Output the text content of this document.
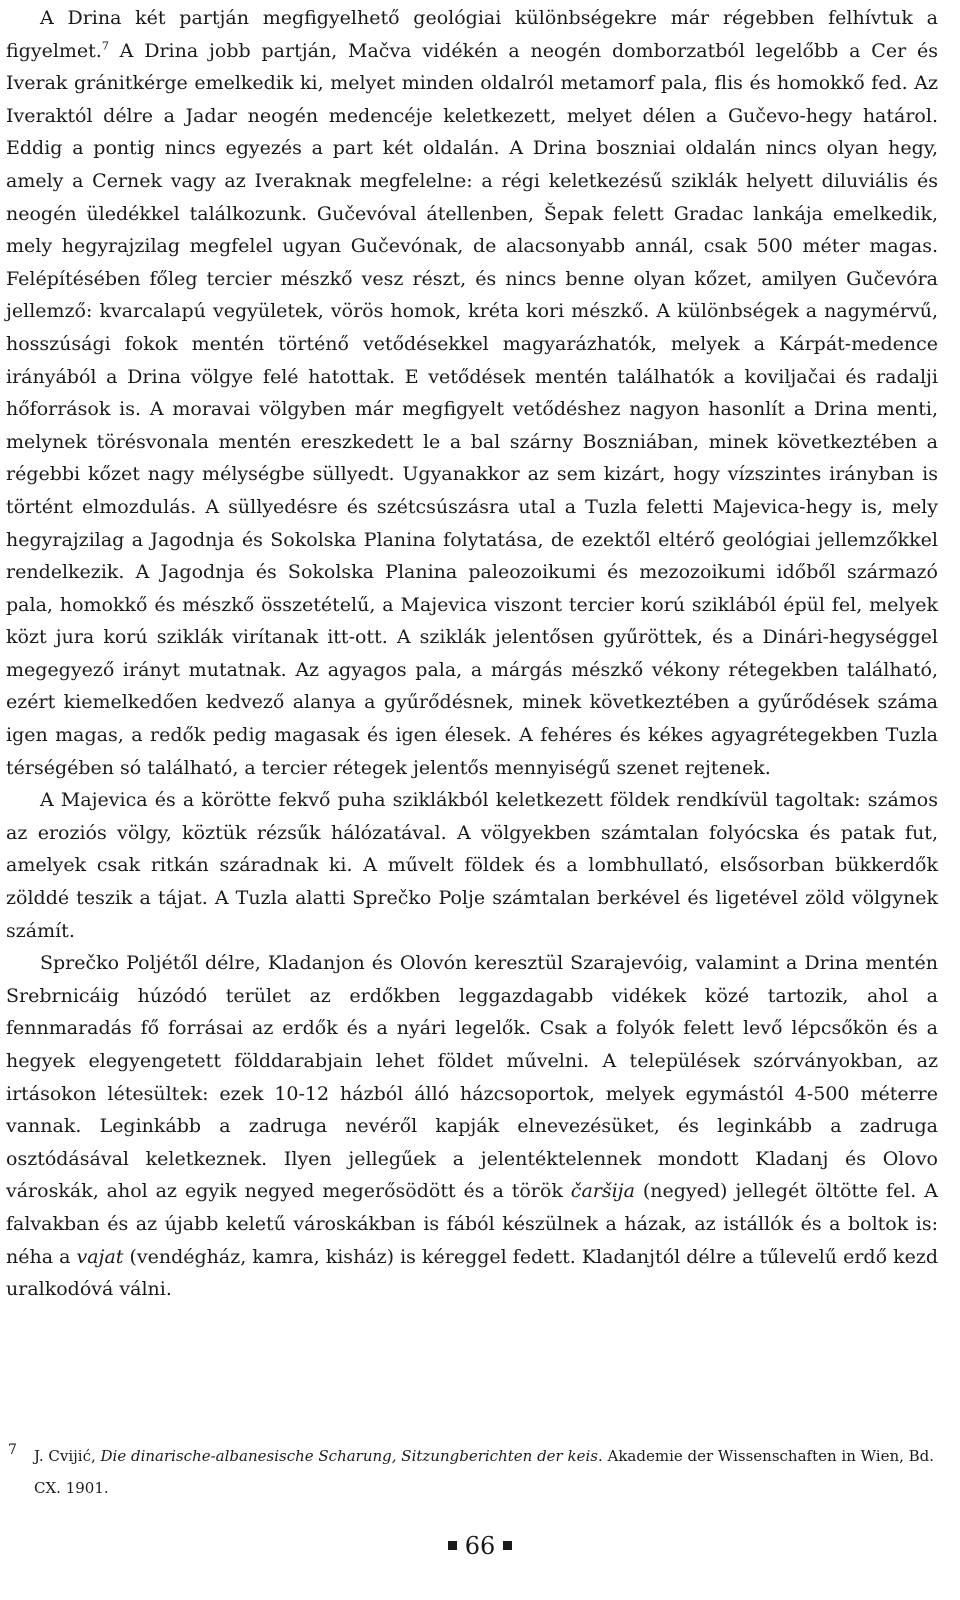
A Drina két partján megfigyelhető geológiai különbségekre már régebben felhívtuk a figyelmet.$^7$ A Drina jobb partján, Mačva vidékén a neogén domborzatból legelőbb a Cer és Iverak gránitkérge emelkedik ki, melyet minden oldalról metamorf pala, flis és homokkő fed. Az Iveraktól délre a Jadar neogén medencéje keletkezett, melyet délen a Gučevo-hegy határol. Eddig a pontig nincs egyezés a part két oldalán. A Drina boszniai oldalán nincs olyan hegy, amely a Cernek vagy az Iveraknak megfelelne: a régi keletkezésű sziklák helyett diluviális és neogén üledékkel találkozunk. Gučevóval átellenben, Šepak felett Gradac lankája emelkedik, mely hegyrajzilag megfelel ugyan Gučevónak, de alacsonyabb annál, csak 500 méter magas. Felépítésében főleg tercier mészkő vesz részt, és nincs benne olyan kőzet, amilyen Gučevóra jellemző: kvarcalapú vegyületek, vörös homok, kréta kori mészkő. A különbségek a nagymérvű, hosszúsági fokok mentén történő vetődésekkel magyarázhatók, melyek a Kárpát-medence irányából a Drina völgye felé hatottak. E vetődések mentén találhatók a koviljačai és radalji hőforrások is. A moravai völgyben már megfigyelt vetődéshez nagyon hasonlít a Drina menti, melynek törésvonala mentén ereszkedett le a bal szárny Boszniában, minek következtében a régebbi kőzet nagy mélységbe süllyedt. Ugyanakkor az sem kizárt, hogy vízszintes irányban is történt elmozdulás. A süllyedésre és szétcsúszásra utal a Tuzla feletti Majevica-hegy is, mely hegyrajzilag a Jagodnja és Sokolska Planina folytatása, de ezektől eltérő geológiai jellemzőkkel rendelkezik. A Jagodnja és Sokolska Planina paleozoikumi és mezozoikumi időből származó pala, homokkő és mészkő összetételű, a Majevica viszont tercier korú sziklából épül fel, melyek közt jura korú sziklák virítanak itt-ott. A sziklák jelentősen gyűröttek, és a Dinári-hegységgel megegyező irányt mutatnak. Az agyagos pala, a márgás mészkő vékony rétegekben található, ezért kiemelkedően kedvező alanya a gyűrődésnek, minek következtében a gyűrődések száma igen magas, a redők pedig magasak és igen élesek. A fehéres és kékes agyagrétegekben Tuzla térségében só található, a tercier rétegek jelentős mennyiségű szenet rejtenek.

A Majevica és a körötte fekvő puha sziklákból keletkezett földek rendkívül tagoltak: számos az eroziós völgy, köztük rézsűk hálózatával. A völgyekben számtalan folyócska és patak fut, amelyek csak ritkán száradnak ki. A művelt földek és a lombhullató, elsősorban bükkerdők zölddé teszik a tájat. A Tuzla alatti Sprečko Polje számtalan berkével és ligetével zöld völgynek számít.

Sprečko Poljétől délre, Kladanjon és Olovón keresztül Szarajevóig, valamint a Drina mentén Srebrnicáig húzódó terület az erdőkben leggazdagabb vidékek közé tartozik, ahol a fennmaradás fő forrásai az erdők és a nyári legelők. Csak a folyók felett levő lépcsőkön és a hegyek elegyengetett földdarabjain lehet földet művelni. A települések szórványokban, az irtásokon létesültek: ezek 10-12 házból álló házcsoportok, melyek egymástól 4-500 méterre vannak. Leginkább a zadruga nevéről kapják elnevezésüket, és leginkább a zadruga osztódásával keletkeznek. Ilyen jellegűek a jelentéktelennek mondott Kladanj és Olovo városkák, ahol az egyik negyed megerősödött és a török čaršija (negyed) jellegét öltötte fel. A falvakban és az újabb keletű városkákban is fából készülnek a házak, az istállók és a boltok is: néha a vajat (vendégház, kamra, kisház) is kéreggel fedett. Kladanjtól délre a tűlevelű erdő kezd uralkodóvá válni.

7 J. Cvijić, Die dinarische-albanesische Scharung, Sitzungberichten der keis. Akademie der Wissenschaften in Wien, Bd. CX. 1901.
66
